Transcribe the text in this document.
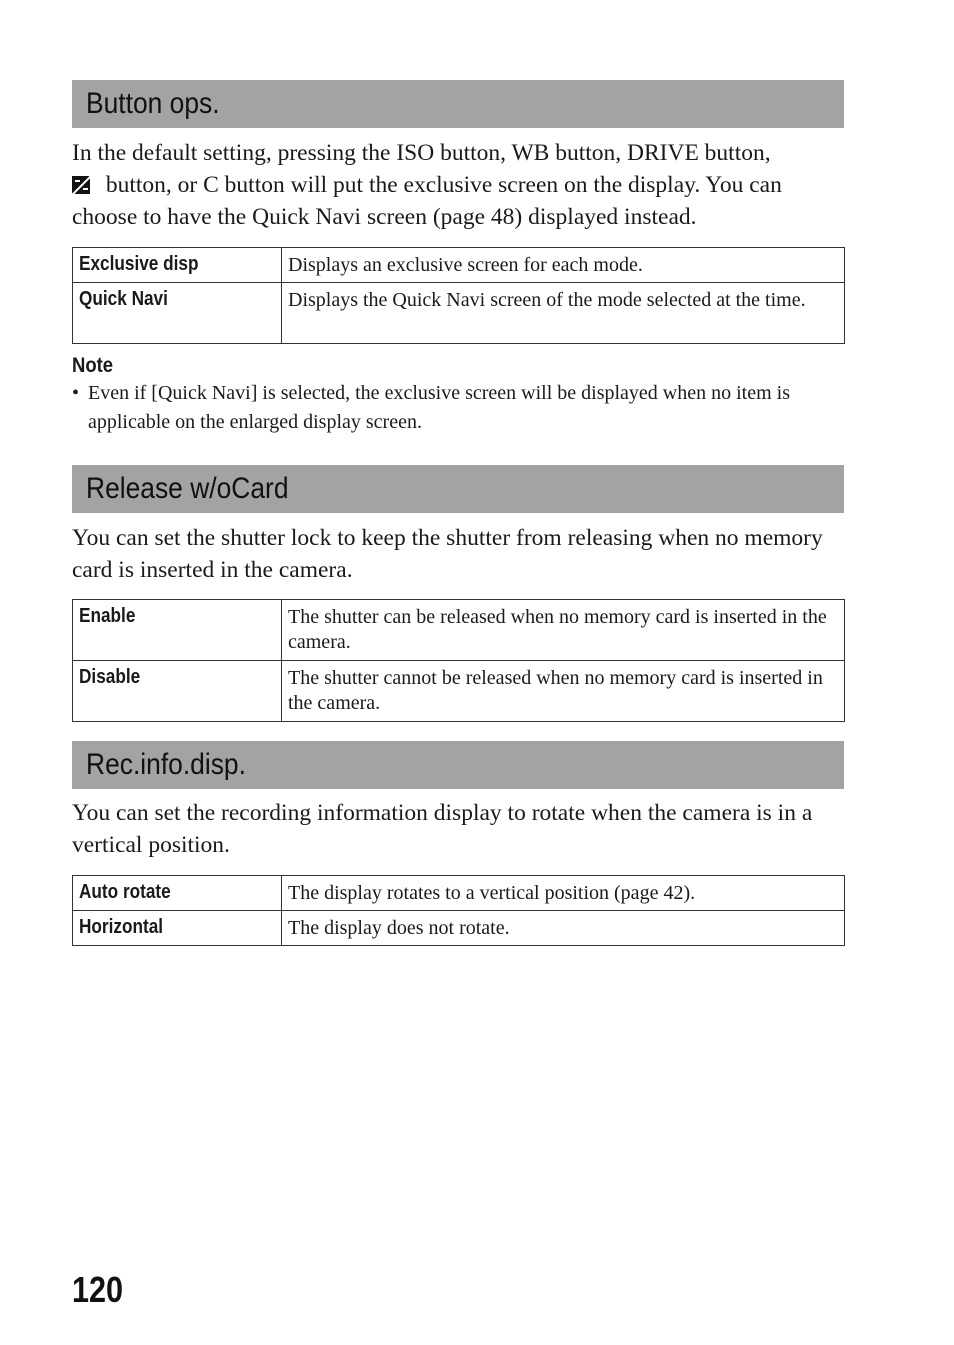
Button ops.
In the default setting, pressing the ISO button, WB button, DRIVE button,
button, or C button will put the exclusive screen on the display. You can choose to have the Quick Navi screen (page 48) displayed instead.
Exclusive disp	Displays an exclusive screen for each mode.
Quick Navi	Displays the Quick Navi screen of the mode selected at the time.
Note
• Even if [Quick Navi] is selected, the exclusive screen will be displayed when no item is applicable on the enlarged display screen.
Release w/oCard
You can set the shutter lock to keep the shutter from releasing when no memory card is inserted in the camera.
Enable	The shutter can be released when no memory card is inserted in the camera.
Disable	The shutter cannot be released when no memory card is inserted in the camera.
Rec.info.disp.
You can set the recording information display to rotate when the camera is in a vertical position.
Auto rotate	The display rotates to a vertical position (page 42).
Horizontal	The display does not rotate.
120
